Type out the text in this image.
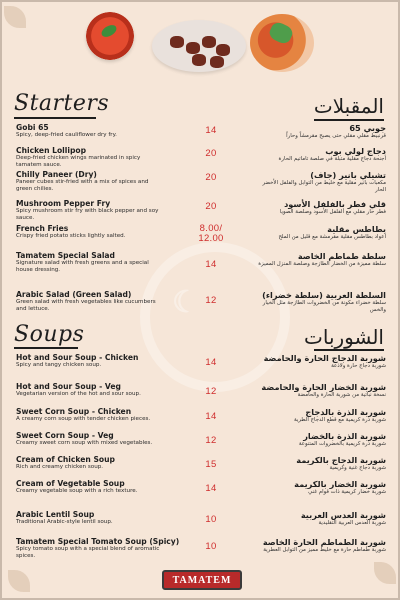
☾
Starters	المقبلات
Gobi 65
Spicy, deep-fried cauliflower dry fry.	14	جوبي 65
قرنبيط مقلي مقلي حتى يصبح مقرمشاً وحاراً
Chicken Lollipop
Deep-fried chicken wings marinated in spicy tamatem sauce.
20	دجاج لولي بوب
أجنحة دجاج مقلية متبلة في صلصة تاماتيم الحارة
Chilly Paneer (Dry)
Paneer cubes stir-fried with a mix of spices and green chilies.
20	تشيلي بانير (جاف)
مكعبات بانير مقلية مع خليط من التوابل والفلفل الأخضر الحار
Mushroom Pepper Fry
Spicy mushroom stir fry with black pepper and soy sauce.
20	قلي فطر بالفلفل الأسود
فطر حار مقلي مع الفلفل الأسود وصلصة الصويا
French Fries
Crispy fried potato sticks lightly salted.
8.00/ 12.00
بطاطس مقلية
أعواد بطاطس مقلية مقرمشة مع قليل من الملح
Tamatem Special Salad
Signature salad with fresh greens and a special house dressing.	14
سلطة طماطم الخاصة
سلطة مميزة من الخضار الطازجة وصلصة المنزل المميزة
Arabic Salad (Green Salad)
Green salad with fresh vegetables like cucumbers and lettuce.
12	السلطة العربية (سلطة خضراء)
سلطة خضراء مكونة من الخضروات الطازجة مثل الخيار والخس
Soups	الشوربات
Hot and Sour Soup - Chicken
Spicy and tangy chicken soup.	14	شوربة الدجاج الحارة والحامضة
شوربة دجاج حارة ولاذعة
Hot and Sour Soup - Veg
Vegetarian version of the hot and sour soup.	12	شوربة الخضار الحارة والحامضة
نسخة نباتية من شوربة الحارة والحامضة
Sweet Corn Soup - Chicken
A creamy corn soup with tender chicken pieces.	14	شوربة الذرة بالدجاج
شوربة ذرة كريمية مع قطع الدجاج الطرية
Sweet Corn Soup - Veg
Creamy sweet corn soup with mixed vegetables.	12	شوربة الذرة بالخضار
شوربة ذرة كريمية بالخضروات المتنوعة
Cream of Chicken Soup
Rich and creamy chicken soup.	15	شوربة الدجاج بالكريمة
شوربة دجاج غنية وكريمية
Cream of Vegetable Soup
Creamy vegetable soup with a rich texture.	14	شوربة الخضار بالكريمة
شوربة خضار كريمية ذات قوام غني
Arabic Lentil Soup
Traditional Arabic-style lentil soup.	10	شوربة العدس العربية
شوربة العدس العربية التقليدية
Tamatem Special Tomato Soup (Spicy)
Spicy tomato soup with a special blend of aromatic spices.
10	شوربة الطماطم الحارة الخاصة
شوربة طماطم حارة مع خليط مميز من التوابل العطرية
TAMATEM
